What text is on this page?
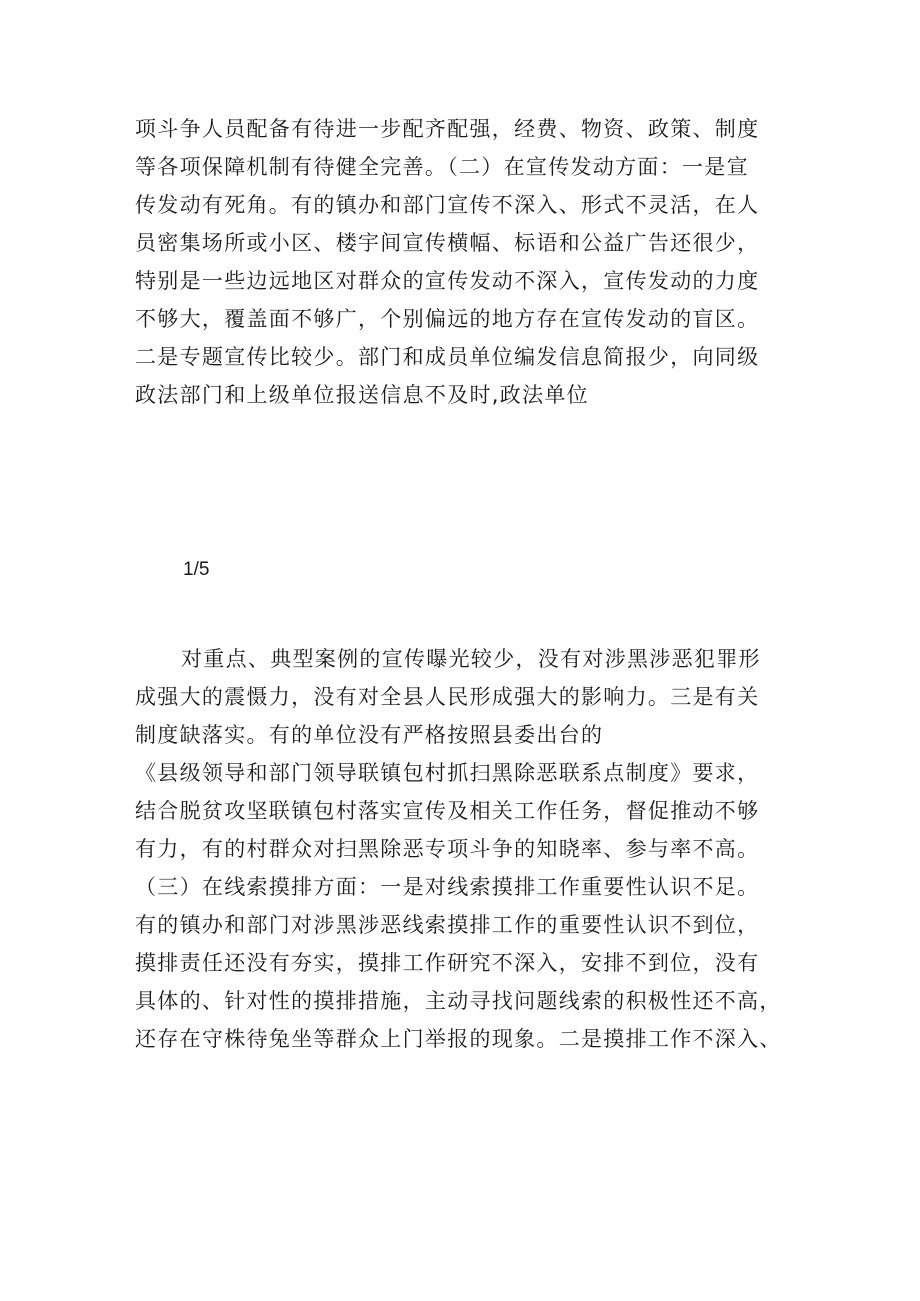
项斗争人员配备有待进一步配齐配强，经费、物资、政策、制度
等各项保障机制有待健全完善。（二）在宣传发动方面：一是宣
传发动有死角。有的镇办和部门宣传不深入、形式不灵活，在人
员密集场所或小区、楼宇间宣传横幅、标语和公益广告还很少，
特别是一些边远地区对群众的宣传发动不深入，宣传发动的力度
不够大，覆盖面不够广，个别偏远的地方存在宣传发动的盲区。
二是专题宣传比较少。部门和成员单位编发信息简报少，向同级
政法部门和上级单位报送信息不及时,政法单位
1/5
对重点、典型案例的宣传曝光较少，没有对涉黑涉恶犯罪形
成强大的震慑力，没有对全县人民形成强大的影响力。三是有关
制度缺落实。有的单位没有严格按照县委出台的
《县级领导和部门领导联镇包村抓扫黑除恶联系点制度》要求，
结合脱贫攻坚联镇包村落实宣传及相关工作任务，督促推动不够
有力，有的村群众对扫黑除恶专项斗争的知晓率、参与率不高。
（三）在线索摸排方面：一是对线索摸排工作重要性认识不足。
有的镇办和部门对涉黑涉恶线索摸排工作的重要性认识不到位，
摸排责任还没有夯实，摸排工作研究不深入，安排不到位，没有
具体的、针对性的摸排措施，主动寻找问题线索的积极性还不高，
还存在守株待兔坐等群众上门举报的现象。二是摸排工作不深入、
